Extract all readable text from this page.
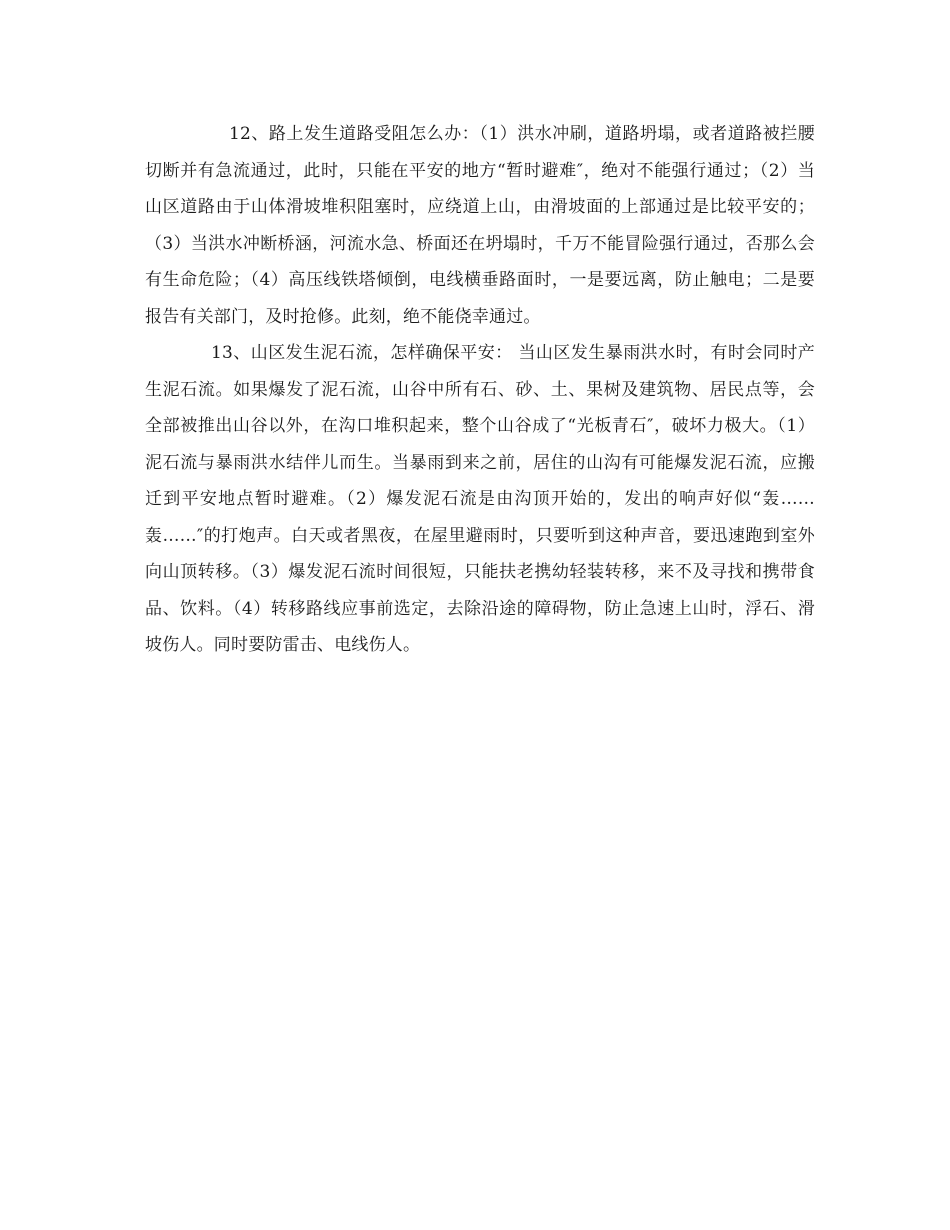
12、路上发生道路受阻怎么办：（1）洪水冲刷，道路坍塌，或者道路被拦腰切断并有急流通过，此时，只能在平安的地方“暂时避难″，绝对不能强行通过；（2）当山区道路由于山体滑坡堆积阻塞时，应绕道上山，由滑坡面的上部通过是比较平安的；（3）当洪水冲断桥涵，河流水急、桥面还在坍塌时，千万不能冒险强行通过，否那么会有生命危险；（4）高压线铁塔倾倒，电线横垂路面时，一是要远离，防止触电；二是要报告有关部门，及时抢修。此刻，绝不能侥幸通过。

13、山区发生泥石流，怎样确保平安： 当山区发生暴雨洪水时，有时会同时产生泥石流。如果爆发了泥石流，山谷中所有石、砂、土、果树及建筑物、居民点等，会全部被推出山谷以外，在沟口堆积起来，整个山谷成了“光板青石″，破坏力极大。（1）泥石流与暴雨洪水结伴儿而生。当暴雨到来之前，居住的山沟有可能爆发泥石流，应搬迁到平安地点暂时避难。（2）爆发泥石流是由沟顶开始的，发出的响声好似“轰……轰……″的打炮声。白天或者黑夜，在屋里避雨时，只要听到这种声音，要迅速跑到室外向山顶转移。（3）爆发泥石流时间很短，只能扶老携幼轻装转移，来不及寻找和携带食品、饮料。（4）转移路线应事前选定，去除沿途的障碍物，防止急速上山时，浮石、滑坡伤人。同时要防雷击、电线伤人。
